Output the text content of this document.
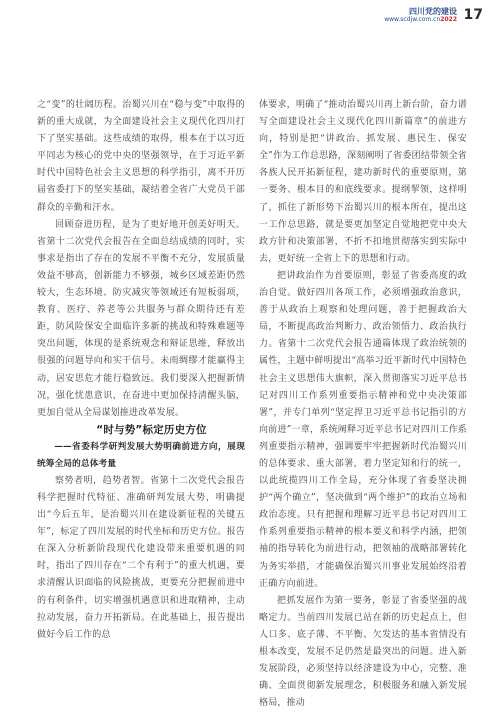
四川党的建设
www.scdjw.com.cn2022 17

之“变”的壮阔历程。治蜀兴川在“稳与变”中取得的新的重大成就，为全面建设社会主义现代化四川打下了坚实基础。这些成绩的取得，根本在于以习近平同志为核心的党中央的坚强领导，在于习近平新时代中国特色社会主义思想的科学指引，离不开历届省委打下的坚实基础，凝结着全省广大党员干部群众的辛勤和汗水。

回顾奋进历程，是为了更好地开创美好明天。省第十二次党代会报告在全面总结成绩的同时，实事求是指出了存在的发展不平衡不充分，发展质量效益不够高，创新能力不够强，城乡区域差距仍然较大，生态环境、防灾减灾等领域还有短板弱项，教育、医疗、养老等公共服务与群众期待还有差距，防风险保安全面临许多新的挑战和特殊难题等突出问题，体现的是系统观念和辩证思维，释放出很强的问题导向和实干信号。未雨绸缪才能赢得主动，居安思危才能行稳致远。我们要深入把握新情况，强化忧患意识，在奋进中更加保持清醒头脑，更加自觉从全局谋划推进改革发展。

“时与势”标定历史方位

——省委科学研判发展大势明确前进方向，展现统筹全局的总体考量

察势者明，趋势者智。省第十二次党代会报告科学把握时代特征、准确研判发展大势，明确提出“今后五年，是治蜀兴川在建设新征程的关键五年”，标定了四川发展的时代坐标和历史方位。报告在深入分析新阶段现代化建设带来重要机遇的同时，指出了四川存在“二个有利于”的重大机遇，要求清醒认识面临的风险挑战，更要充分把握前进中的有利条件，切实增强机遇意识和进取精神，主动拉动发展，奋力开拓新局。在此基础上，报告提出做好今后工作的总

体要求，明确了“推动治蜀兴川再上新台阶，奋力谱写全面建设社会主义现代化四川新篇章”的前进方向，特别是把“讲政治、抓发展、惠民生、保安全”作为工作总思路，深刻阐明了省委团结带领全省各族人民开拓新征程，建功新时代的重要原则，第一要务、根本目的和底线要求。提纲挈领，这样明了，抓住了新形势下治蜀兴川的根本所在，提出这一工作总思路，就是要更加坚定自觉地把党中央大政方针和决策部署，不折不扣地贯彻落实到实际中去，更好统一全省上下的思想和行动。

把讲政治作为首要原则，彰显了省委高度的政治自觉。做好四川各项工作，必须增强政治意识，善于从政治上观察和处理问题，善于把握政治大局，不断提高政治判断力、政治领悟力、政治执行力。省第十二次党代会报告通篇体现了政治统领的属性，主题中鲜明提出“高举习近平新时代中国特色社会主义思想伟大旗帜，深入贯彻落实习近平总书记对四川工作系列重要指示精神和党中央决策部署”，并专门单列“坚定捍卫习近平总书记指引的方向前进”一章，系统阐释习近平总书记对四川工作系列重要指示精神，强调要牢牢把握新时代治蜀兴川的总体要求、重大部署，着力坚定知和行的统一，以此统揽四川工作全局，充分体现了省委坚决拥护“两个确立”，坚决做到“两个维护”的政治立场和政治态度。只有把握和理解习近平总书记对四川工作系列重要指示精神的根本要义和科学内涵，把领袖的指导转化为前进行动，把领袖的战略部署转化为务实举措，才能确保治蜀兴川事业发展始终沿着正确方向前进。

把抓发展作为第一要务，彰显了省委坚强的战略定力。当前四川发展已站在新的历史起点上，但人口多、底子薄、不平衡、欠发达的基本省情没有根本改变，发展不足仍然是最突出的问题。进入新发展阶段，必须坚持以经济建设为中心，完整、准确、全面贯彻新发展理念，积极服务和融入新发展格局，推动
